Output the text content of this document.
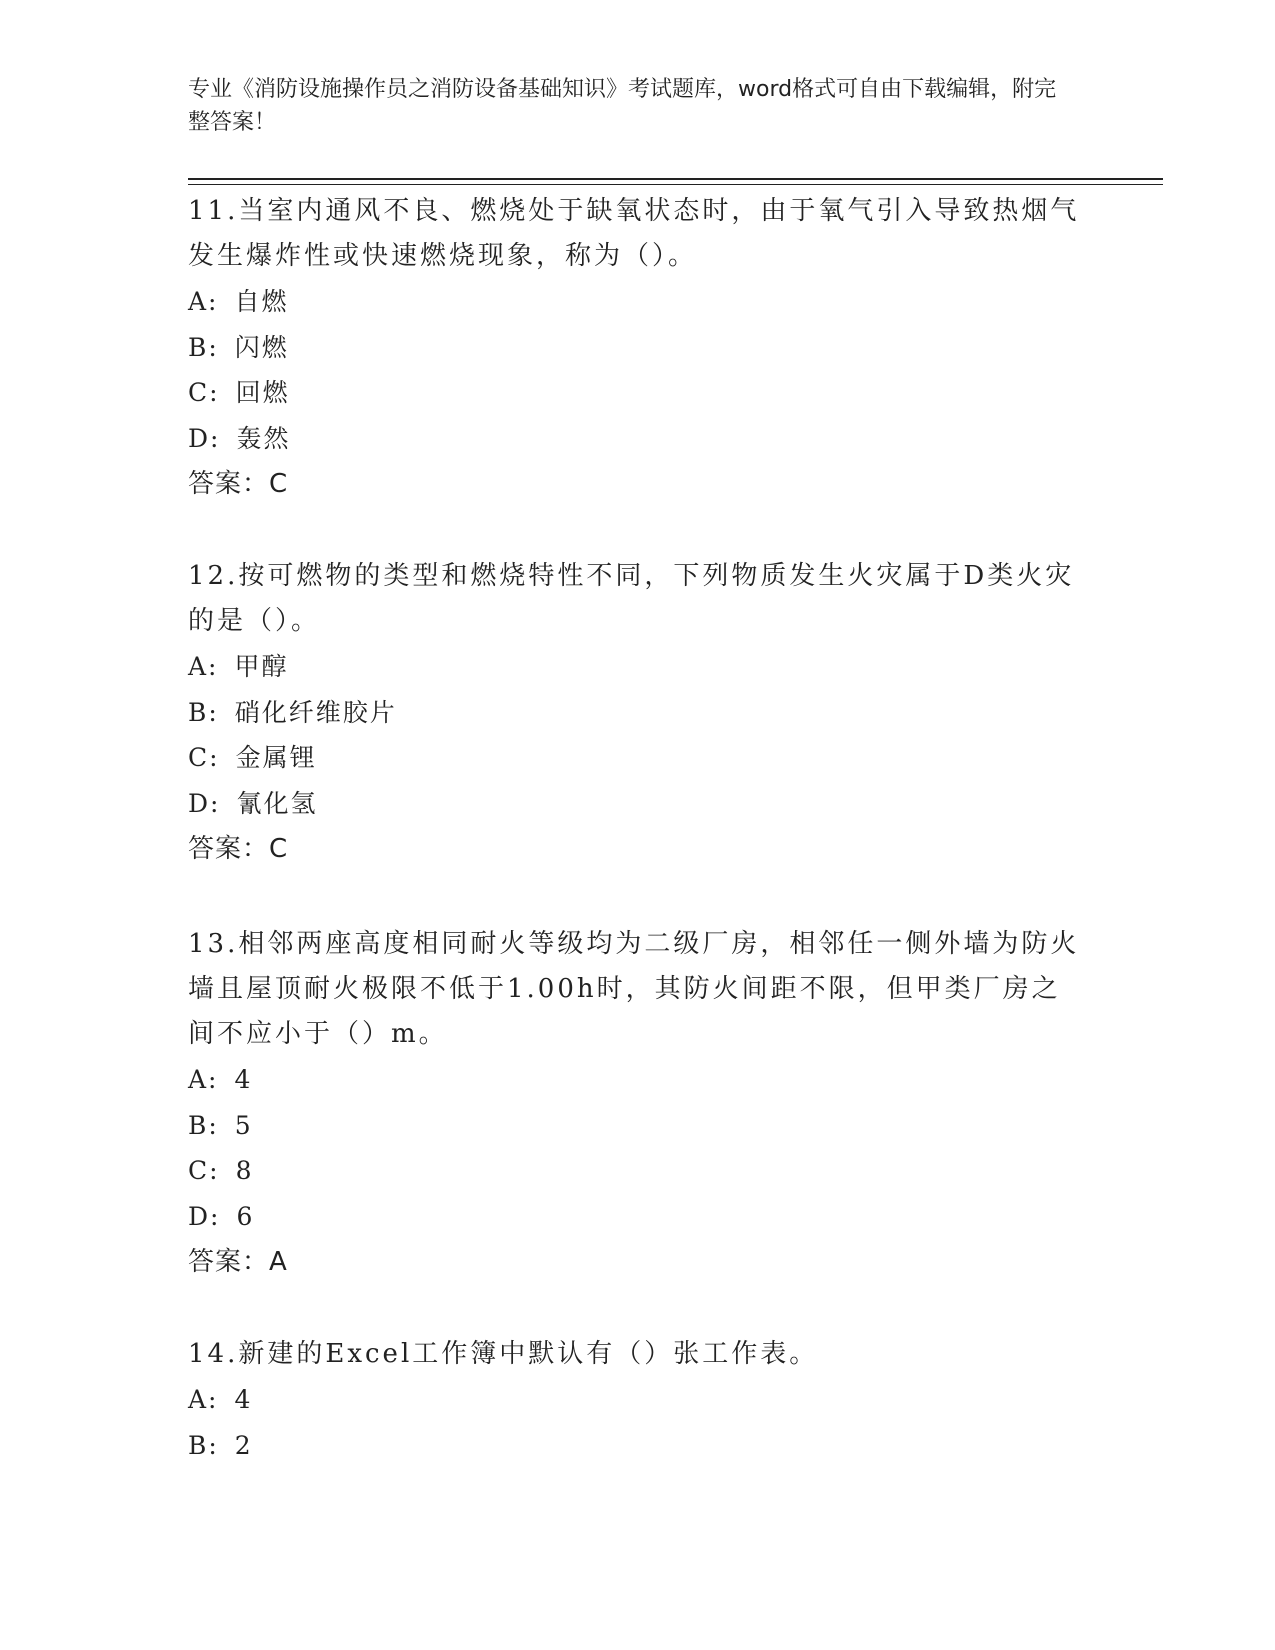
专业《消防设施操作员之消防设备基础知识》考试题库，word格式可自由下载编辑，附完整答案！
11.当室内通风不良、燃烧处于缺氧状态时，由于氧气引入导致热烟气发生爆炸性或快速燃烧现象，称为（）。
A: 自燃
B: 闪燃
C: 回燃
D: 轰然
答案：C
12.按可燃物的类型和燃烧特性不同，下列物质发生火灾属于D类火灾的是（）。
A: 甲醇
B: 硝化纤维胶片
C: 金属锂
D: 氰化氢
答案：C
13.相邻两座高度相同耐火等级均为二级厂房，相邻任一侧外墙为防火墙且屋顶耐火极限不低于1.00h时，其防火间距不限，但甲类厂房之间不应小于（）m。
A: 4
B: 5
C: 8
D: 6
答案：A
14.新建的Excel工作簿中默认有（）张工作表。
A: 4
B: 2
